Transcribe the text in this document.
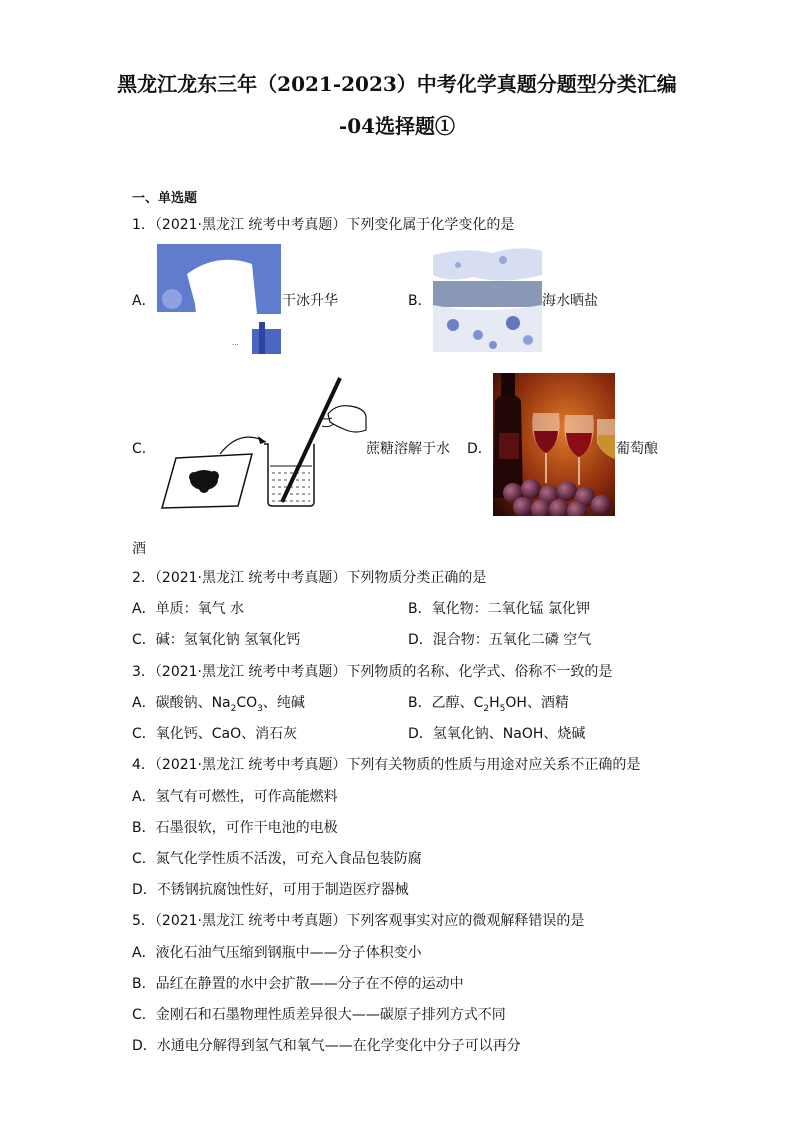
黑龙江龙东三年（2021-2023）中考化学真题分题型分类汇编
-04选择题①
一、单选题
1．（2021·黑龙江 统考中考真题）下列变化属于化学变化的是
A．
...
干冰升华	B．	海水晒盐
C．	蔗糖溶解于水 D．	葡萄酿
酒
2．（2021·黑龙江 统考中考真题）下列物质分类正确的是
A．单质：氧气 水	B．氧化物：二氧化锰 氯化钾
C．碱：氢氧化钠 氢氧化钙	D．混合物：五氧化二磷 空气
3．（2021·黑龙江 统考中考真题）下列物质的名称、化学式、俗称不一致的是
A．碳酸钠、$Na_2CO_3$、纯碱	B．乙醇、$C_2H_5OH$、酒精
C．氧化钙、CaO、消石灰	D．氢氧化钠、NaOH、烧碱
4．（2021·黑龙江 统考中考真题）下列有关物质的性质与用途对应关系不正确的是
A．氢气有可燃性，可作高能燃料
B．石墨很软，可作干电池的电极
C．氮气化学性质不活泼，可充入食品包装防腐
D．不锈钢抗腐蚀性好，可用于制造医疗器械
5．（2021·黑龙江 统考中考真题）下列客观事实对应的微观解释错误的是
A．液化石油气压缩到钢瓶中——分子体积变小
B．品红在静置的水中会扩散——分子在不停的运动中
C．金刚石和石墨物理性质差异很大——碳原子排列方式不同
D．水通电分解得到氢气和氧气——在化学变化中分子可以再分
